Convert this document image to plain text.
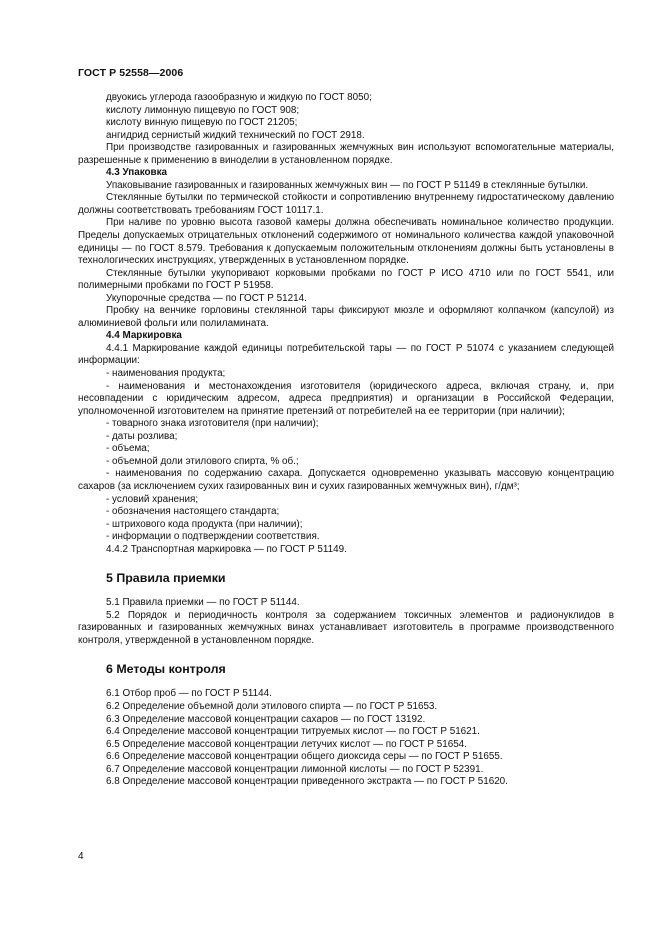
ГОСТ Р 52558—2006

двуокись углерода газообразную и жидкую по ГОСТ 8050;

кислоту лимонную пищевую по ГОСТ 908;

кислоту винную пищевую по ГОСТ 21205;

ангидрид сернистый жидкий технический по ГОСТ 2918.

При производстве газированных и газированных жемчужных вин используют вспомогательные материалы, разрешенные к применению в виноделии в установленном порядке.

4.3 Упаковка

Упаковывание газированных и газированных жемчужных вин — по ГОСТ Р 51149 в стеклянные бутылки.

Стеклянные бутылки по термической стойкости и сопротивлению внутреннему гидростатическому давлению должны соответствовать требованиям ГОСТ 10117.1.

При наливе по уровню высота газовой камеры должна обеспечивать номинальное количество продукции. Пределы допускаемых отрицательных отклонений содержимого от номинального количества каждой упаковочной единицы — по ГОСТ 8.579. Требования к допускаемым положительным отклонениям должны быть установлены в технологических инструкциях, утвержденных в установленном порядке.

Стеклянные бутылки укупоривают корковыми пробками по ГОСТ Р ИСО 4710 или по ГОСТ 5541, или полимерными пробками по ГОСТ Р 51958.

Укупорочные средства — по ГОСТ Р 51214.

Пробку на венчике горловины стеклянной тары фиксируют мюзле и оформляют колпачком (капсулой) из алюминиевой фольги или полиламината.

4.4 Маркировка

4.4.1 Маркирование каждой единицы потребительской тары — по ГОСТ Р 51074 с указанием следующей информации:

- наименования продукта;

- наименования и местонахождения изготовителя (юридического адреса, включая страну, и, при несовпадении с юридическим адресом, адреса предприятия) и организации в Российской Федерации, уполномоченной изготовителем на принятие претензий от потребителей на ее территории (при наличии);

- товарного знака изготовителя (при наличии);

- даты розлива;

- объема;

- объемной доли этилового спирта, % об.;

- наименования по содержанию сахара. Допускается одновременно указывать массовую концентрацию сахаров (за исключением сухих газированных вин и сухих газированных жемчужных вин), г/дм³;

- условий хранения;

- обозначения настоящего стандарта;

- штрихового кода продукта (при наличии);

- информации о подтверждении соответствия.

4.4.2 Транспортная маркировка — по ГОСТ Р 51149.

5 Правила приемки

5.1 Правила приемки — по ГОСТ Р 51144.

5.2 Порядок и периодичность контроля за содержанием токсичных элементов и радионуклидов в газированных и газированных жемчужных винах устанавливает изготовитель в программе производственного контроля, утвержденной в установленном порядке.

6 Методы контроля

6.1 Отбор проб — по ГОСТ Р 51144.

6.2 Определение объемной доли этилового спирта — по ГОСТ Р 51653.

6.3 Определение массовой концентрации сахаров — по ГОСТ 13192.

6.4 Определение массовой концентрации титруемых кислот — по ГОСТ Р 51621.

6.5 Определение массовой концентрации летучих кислот — по ГОСТ Р 51654.

6.6 Определение массовой концентрации общего диоксида серы — по ГОСТ Р 51655.

6.7 Определение массовой концентрации лимонной кислоты — по ГОСТ Р 52391.

6.8 Определение массовой концентрации приведенного экстракта — по ГОСТ Р 51620.

4
